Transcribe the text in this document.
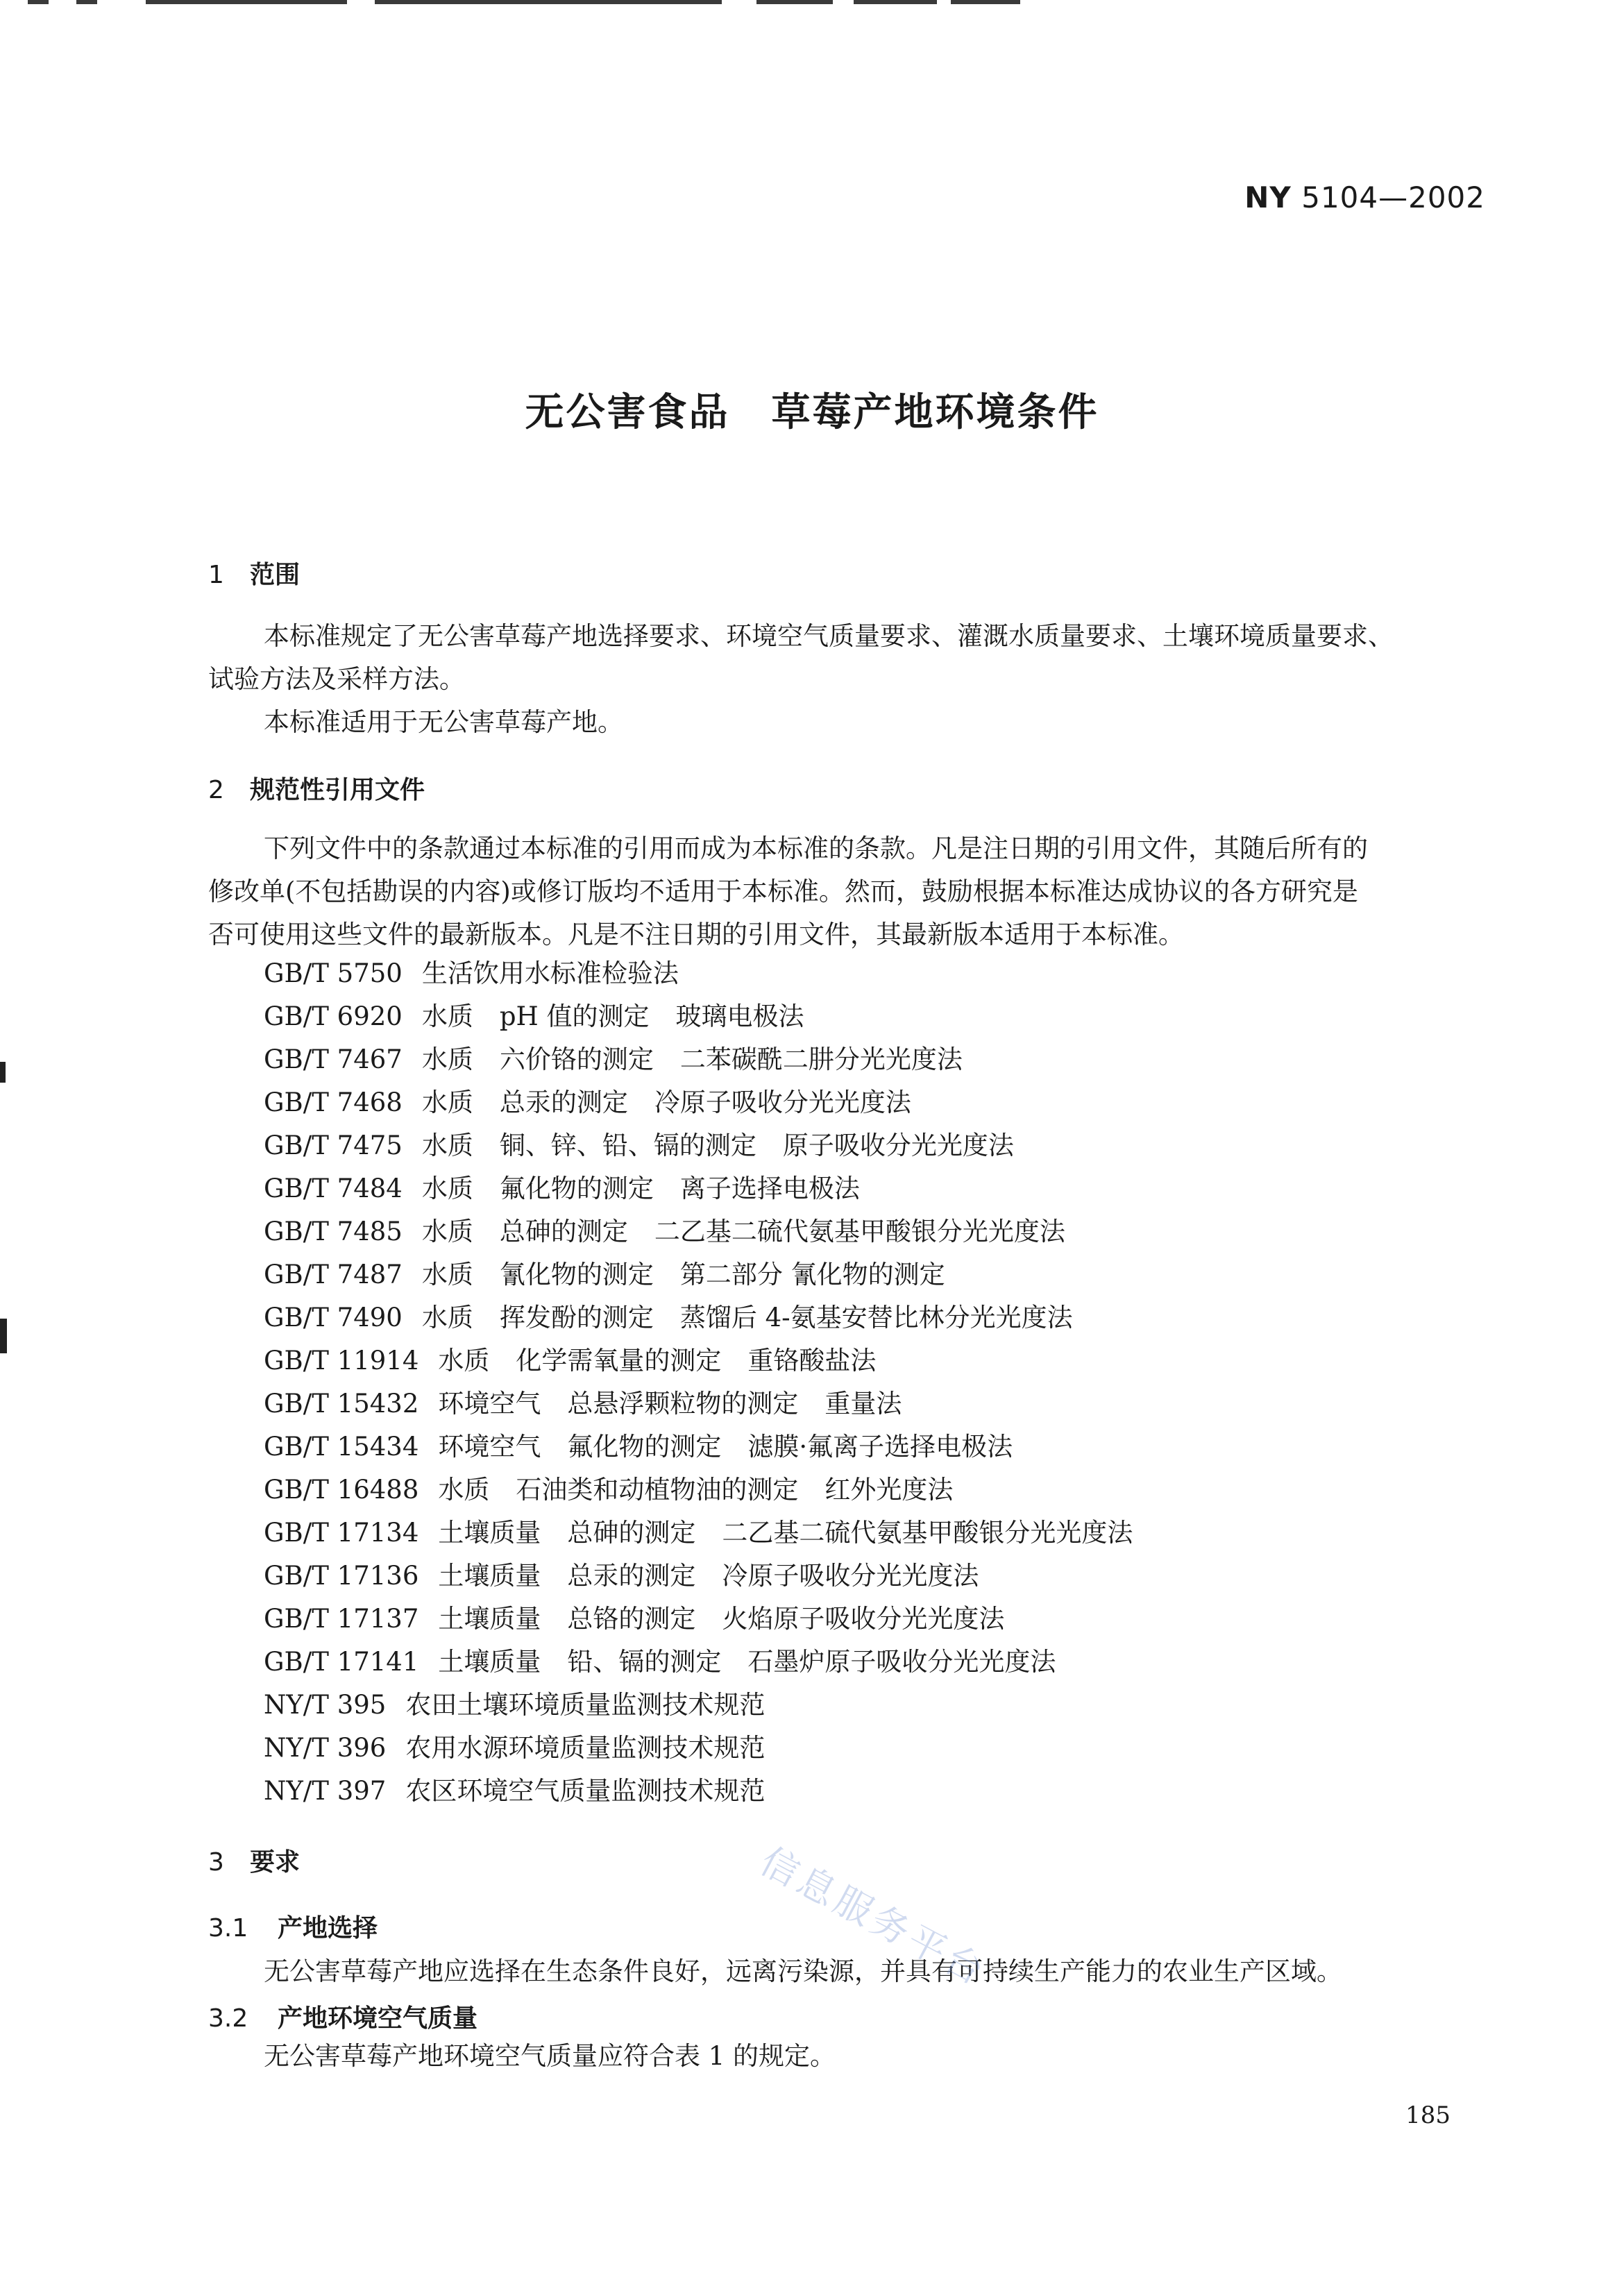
NY 5104—2002
无公害食品 草莓产地环境条件
1 范围
本标准规定了无公害草莓产地选择要求、环境空气质量要求、灌溉水质量要求、土壤环境质量要求、
试验方法及采样方法。
本标准适用于无公害草莓产地。
2 规范性引用文件
下列文件中的条款通过本标准的引用而成为本标准的条款。凡是注日期的引用文件，其随后所有的
修改单(不包括勘误的内容)或修订版均不适用于本标准。然而，鼓励根据本标准达成协议的各方研究是
否可使用这些文件的最新版本。凡是不注日期的引用文件，其最新版本适用于本标准。
GB/T 5750 生活饮用水标准检验法
GB/T 6920 水质 pH 值的测定 玻璃电极法
GB/T 7467 水质 六价铬的测定 二苯碳酰二肼分光光度法
GB/T 7468 水质 总汞的测定 冷原子吸收分光光度法
GB/T 7475 水质 铜、锌、铅、镉的测定 原子吸收分光光度法
GB/T 7484 水质 氟化物的测定 离子选择电极法
GB/T 7485 水质 总砷的测定 二乙基二硫代氨基甲酸银分光光度法
GB/T 7487 水质 氰化物的测定 第二部分 氰化物的测定
GB/T 7490 水质 挥发酚的测定 蒸馏后 4-氨基安替比林分光光度法
GB/T 11914 水质 化学需氧量的测定 重铬酸盐法
GB/T 15432 环境空气 总悬浮颗粒物的测定 重量法
GB/T 15434 环境空气 氟化物的测定 滤膜·氟离子选择电极法
GB/T 16488 水质 石油类和动植物油的测定 红外光度法
GB/T 17134 土壤质量 总砷的测定 二乙基二硫代氨基甲酸银分光光度法
GB/T 17136 土壤质量 总汞的测定 冷原子吸收分光光度法
GB/T 17137 土壤质量 总铬的测定 火焰原子吸收分光光度法
GB/T 17141 土壤质量 铅、镉的测定 石墨炉原子吸收分光光度法
NY/T 395 农田土壤环境质量监测技术规范
NY/T 396 农用水源环境质量监测技术规范
NY/T 397 农区环境空气质量监测技术规范
3 要求
3.1 产地选择
无公害草莓产地应选择在生态条件良好，远离污染源，并具有可持续生产能力的农业生产区域。
3.2 产地环境空气质量
无公害草莓产地环境空气质量应符合表 1 的规定。
信息服务平台
185
